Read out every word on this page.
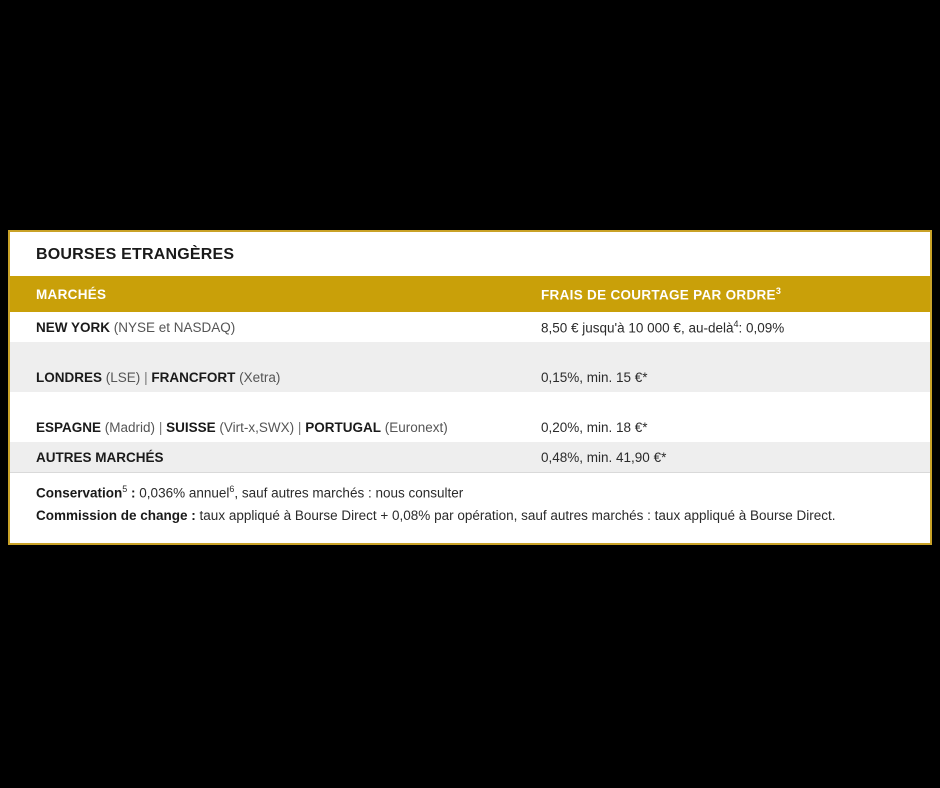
BOURSES ETRANGÈRES
MARCHÉS	FRAIS DE COURTAGE PAR ORDRE$^3$
NEW YORK (NYSE et NASDAQ)	8,50 € jusqu'à 10 000 €, au-delà$^4$: 0,09%

LONDRES (LSE) | FRANCFORT (Xetra)	0,15%, min. 15 €*

ESPAGNE (Madrid) | SUISSE (Virt-x,SWX) | PORTUGAL (Euronext)	0,20%, min. 18 €*
AUTRES MARCHÉS	0,48%, min. 41,90 €*

Conservation$^5$ : 0,036% annuel$^6$, sauf autres marchés : nous consulter

Commission de change : taux appliqué à Bourse Direct + 0,08% par opération, sauf autres marchés : taux appliqué à Bourse Direct.
